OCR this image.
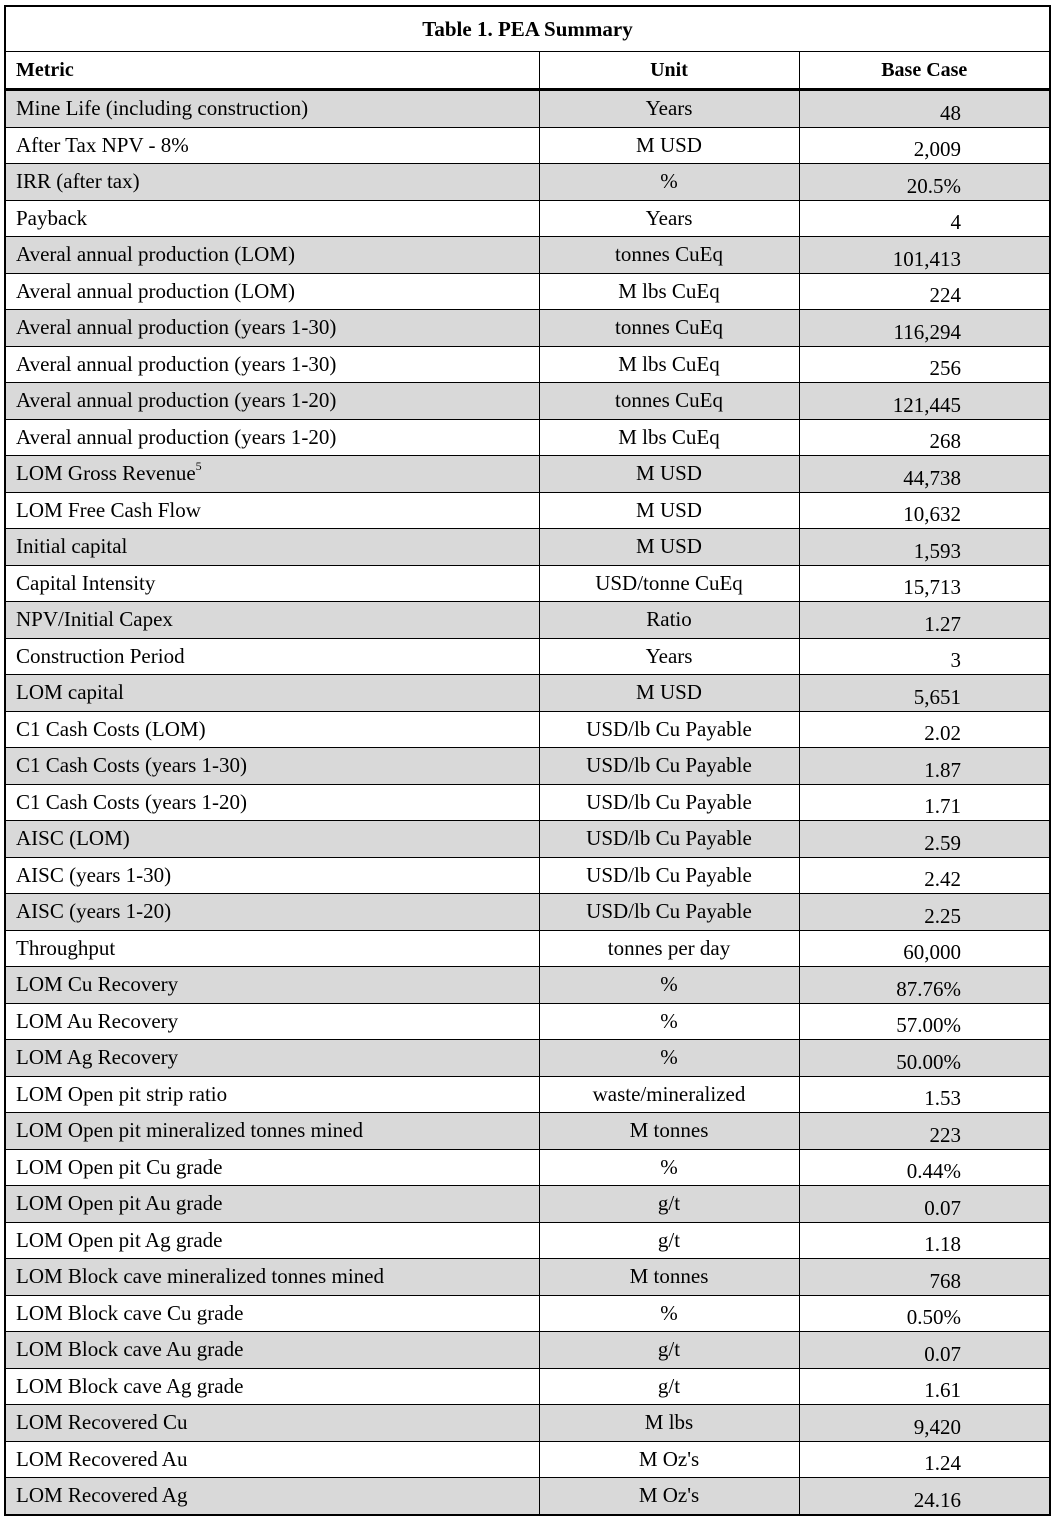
Table 1. PEA Summary		
Metric	Unit	Base Case
Mine Life (including construction)	Years	48
After Tax NPV - 8%	M USD	2,009
IRR (after tax)	%	20.5%
Payback	Years	4
Averal annual production (LOM)	tonnes CuEq	101,413
Averal annual production (LOM)	M lbs CuEq	224
Averal annual production (years 1-30)	tonnes CuEq	116,294
Averal annual production (years 1-30)	M lbs CuEq	256
Averal annual production (years 1-20)	tonnes CuEq	121,445
Averal annual production (years 1-20)	M lbs CuEq	268
LOM Gross Revenue$^5$	M USD	44,738
LOM Free Cash Flow	M USD	10,632
Initial capital	M USD	1,593
Capital Intensity	USD/tonne CuEq	15,713
NPV/Initial Capex	Ratio	1.27
Construction Period	Years	3
LOM capital	M USD	5,651
C1 Cash Costs (LOM)	USD/lb Cu Payable	2.02
C1 Cash Costs (years 1-30)	USD/lb Cu Payable	1.87
C1 Cash Costs (years 1-20)	USD/lb Cu Payable	1.71
AISC (LOM)	USD/lb Cu Payable	2.59
AISC (years 1-30)	USD/lb Cu Payable	2.42
AISC (years 1-20)	USD/lb Cu Payable	2.25
Throughput	tonnes per day	60,000
LOM Cu Recovery	%	87.76%
LOM Au Recovery	%	57.00%
LOM Ag Recovery	%	50.00%
LOM Open pit strip ratio	waste/mineralized	1.53
LOM Open pit mineralized tonnes mined	M tonnes	223
LOM Open pit Cu grade	%	0.44%
LOM Open pit Au grade	g/t	0.07
LOM Open pit Ag grade	g/t	1.18
LOM Block cave mineralized tonnes mined	M tonnes	768
LOM Block cave Cu grade	%	0.50%
LOM Block cave Au grade	g/t	0.07
LOM Block cave Ag grade	g/t	1.61
LOM Recovered Cu	M lbs	9,420
LOM Recovered Au	M Oz's	1.24
LOM Recovered Ag	M Oz's	24.16
